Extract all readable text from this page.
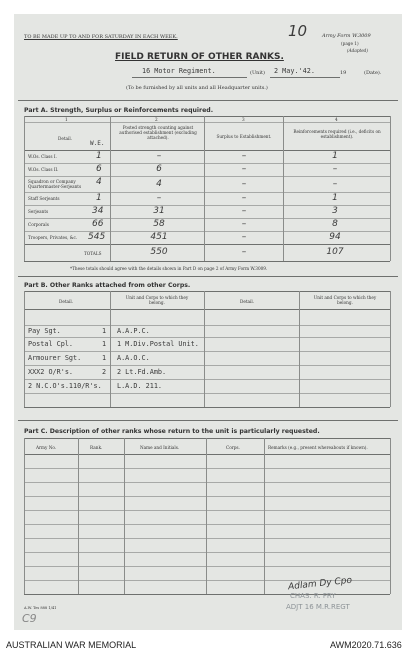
TO BE MADE UP TO AND FOR SATURDAY IN EACH WEEK.	10	Army Form W.3009
(page 1)
(Adapted)
FIELD RETURN OF OTHER RANKS.
16 Motor Regiment.	(Unit) 2 May.'42.	19	(Date).
(To be furnished by all units and all Headquarter units.)
Part A. Strength, Surplus or Reinforcements required.
1	2	3	4
Detail.
Posted strength counting against authorised establishment (excluding attached).	Surplus to Establishment.
Reinforcements required (i.e., deficits on establishment).
W.E.
W.Os. Class I.	1	–	–	1
W.Os. Class II.	6	6	–	–
Squadron or Company Quartermaster-Serjeants	4	4	–	–
Staff Serjeants	1	–	–	1
Serjeants	34	31	–	3
Corporals	66	58	–	8
Troopers, Privates, &c. 545	451	–	94
TOTALS	550	–	107
*These totals should agree with the details shown in Part D on page 2 of Army Form W.3009.
Part B. Other Ranks attached from other Corps.
Detail.
Unit and Corps to which they belong.	Detail.
Unit and Corps to which they belong.
Pay Sgt.	1 A.A.P.C.
Postal Cpl.	1 1 M.Div.Postal Unit.
Armourer Sgt.	1 A.A.O.C.
XXX2 O/R's.	2 2 Lt.Fd.Amb.
2 N.C.O's.110/R's. L.A.D. 211.
Part C. Description of other ranks whose return to the unit is particularly requested.
Army No.	Rank.	Name and Initials.	Corps.	Remarks (e.g., present whereabouts if known).
Adlam Dy Cpo
CHAS. R. FRY
ADJT 16 M.R.REGT
A.W. Tes 888 1/41
C9
AUSTRALIAN WAR MEMORIAL	AWM2020.71.636
